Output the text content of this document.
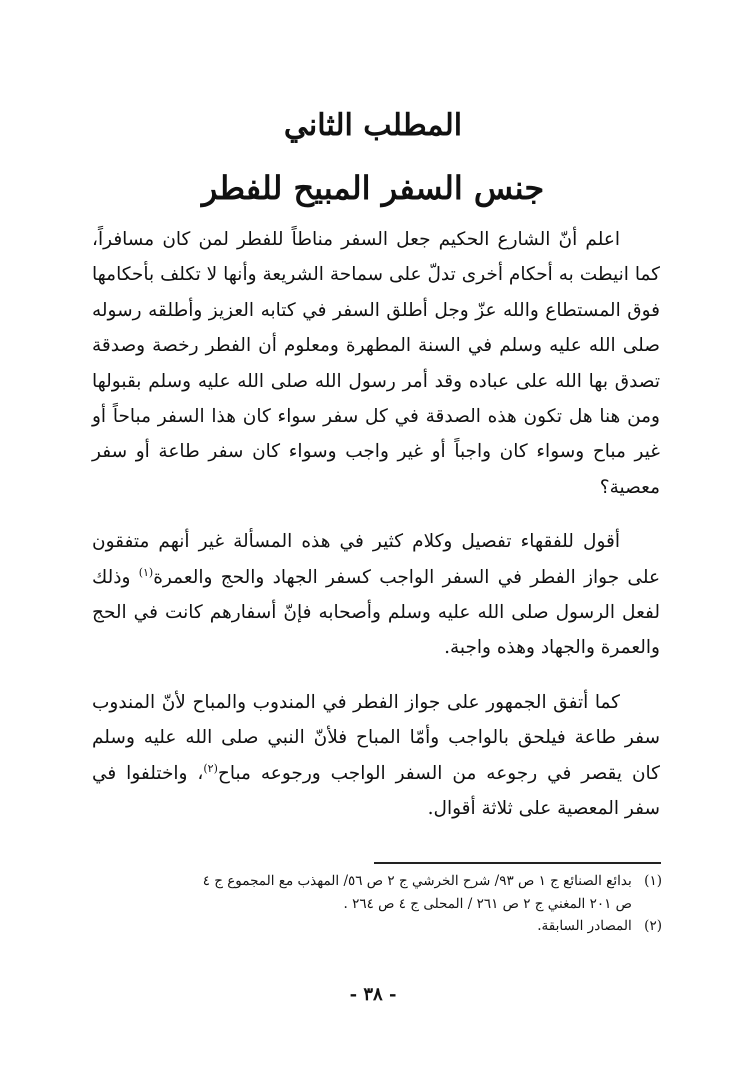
المطلب الثاني
جنس السفر المبيح للفطر

اعلم أنّ الشارع الحكيم جعل السفر مناطاً للفطر لمن كان مسافراً، كما انيطت به أحكام أخرى تدلّ على سماحة الشريعة وأنها لا تكلف بأحكامها فوق المستطاع والله عزّ وجل أطلق السفر في كتابه العزيز وأطلقه رسوله صلى الله عليه وسلم في السنة المطهرة ومعلوم أن الفطر رخصة وصدقة تصدق بها الله على عباده وقد أمر رسول الله صلى الله عليه وسلم بقبولها ومن هنا هل تكون هذه الصدقة في كل سفر سواء كان هذا السفر مباحاً أو غير مباح وسواء كان واجباً أو غير واجب وسواء كان سفر طاعة أو سفر معصية؟

أقول للفقهاء تفصيل وكلام كثير في هذه المسألة غير أنهم متفقون على جواز الفطر في السفر الواجب كسفر الجهاد والحج والعمرة$^{(١)}$ وذلك لفعل الرسول صلى الله عليه وسلم وأصحابه فإنّ أسفارهم كانت في الحج والعمرة والجهاد وهذه واجبة.

كما أتفق الجمهور على جواز الفطر في المندوب والمباح لأنّ المندوب سفر طاعة فيلحق بالواجب وأمّا المباح فلأنّ النبي صلى الله عليه وسلم كان يقصر في رجوعه من السفر الواجب ورجوعه مباح$^{(٢)}$، واختلفوا في سفر المعصية على ثلاثة أقوال.

(١) بدائع الصنائع ج ١ ص ٩٣/ شرح الخرشي ج ٢ ص ٥٦/ المهذب مع المجموع ج ٤

ص ٢٠١ المغني ج ٢ ص ٢٦١ / المحلى ج ٤ ص ٢٦٤ .

(٢) المصادر السابقة.

- ٣٨ -
